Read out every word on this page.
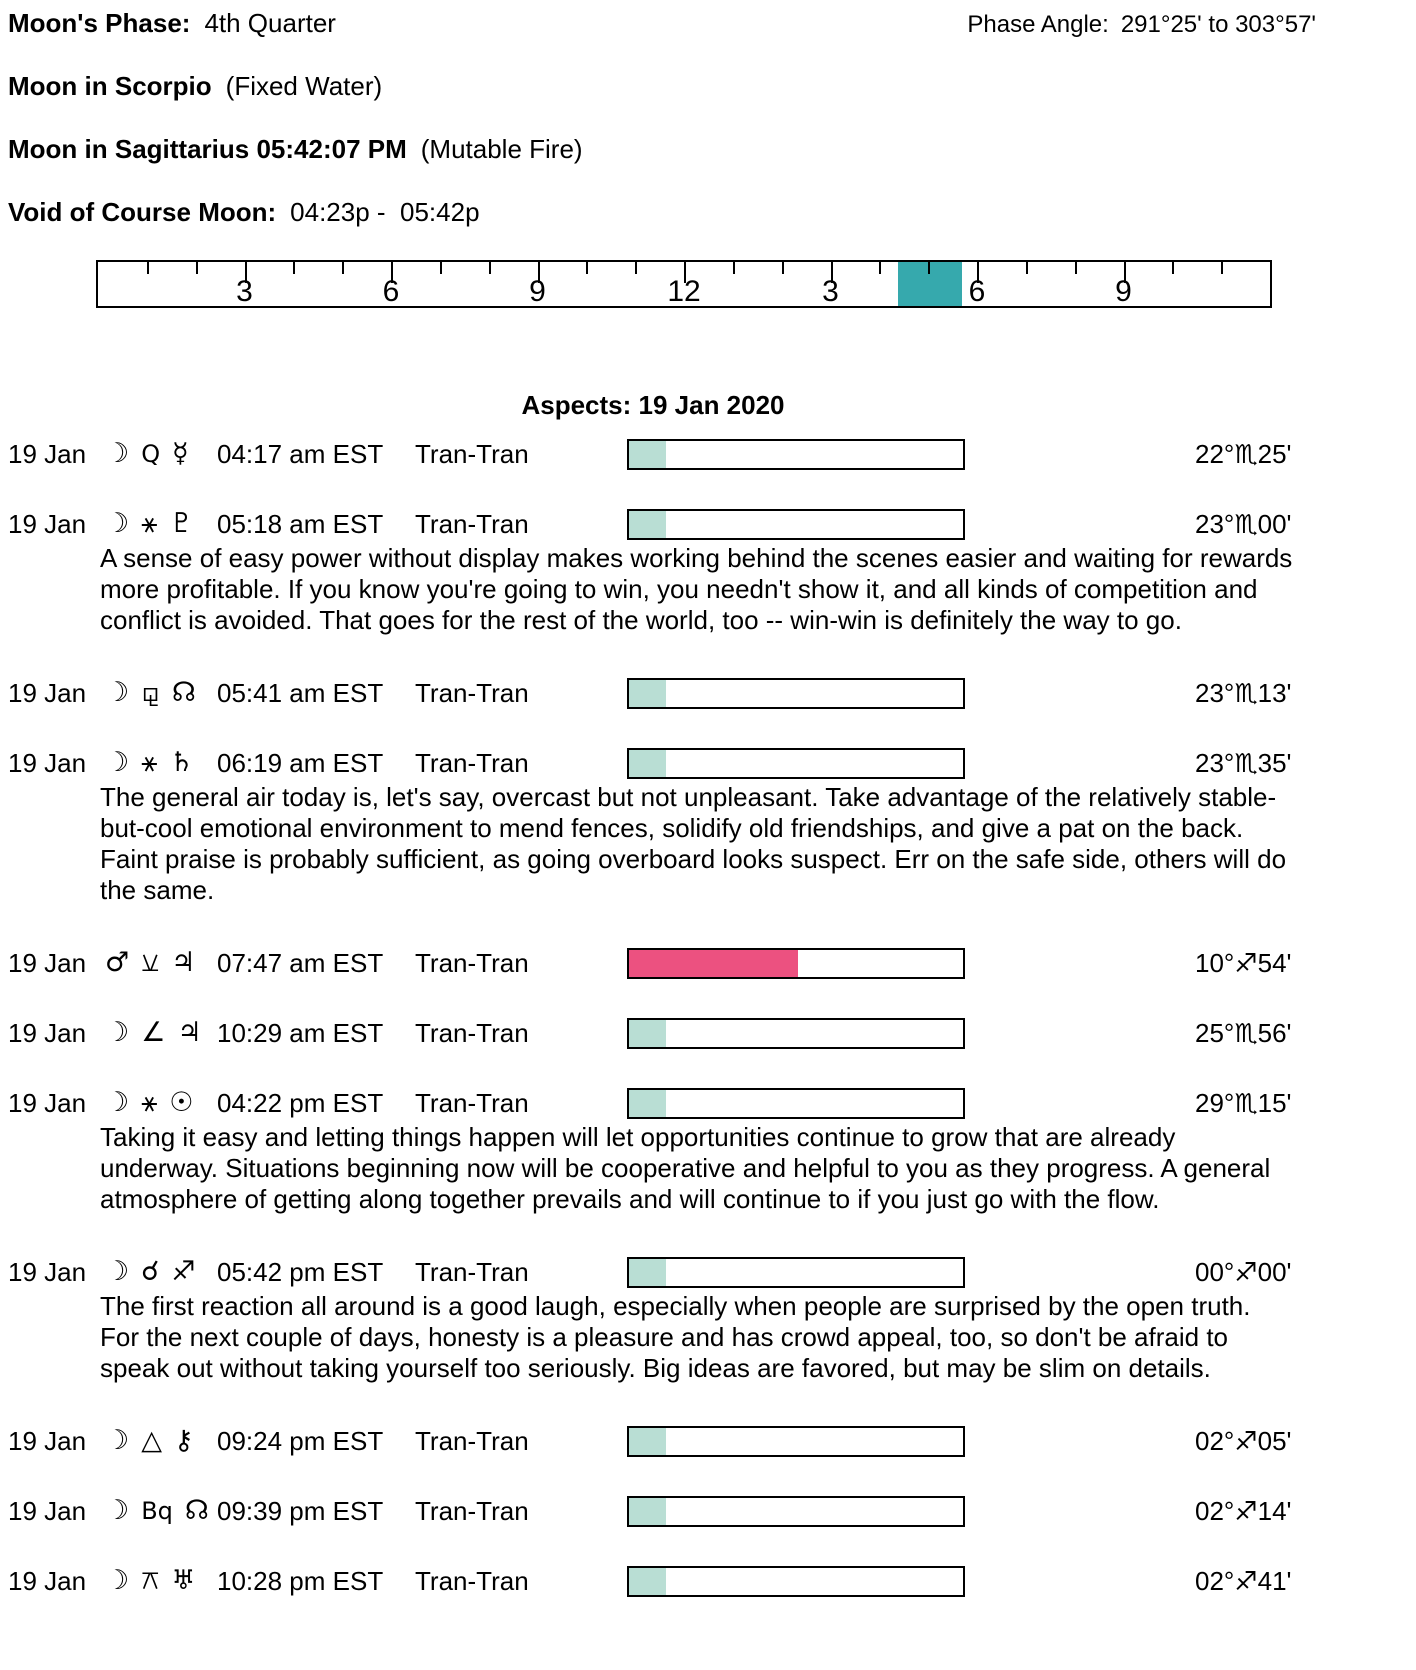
Moon's Phase: 4th Quarter	Phase Angle: 291°25' to 303°57'
Moon in Scorpio (Fixed Water)
Moon in Sagittarius 05:42:07 PM (Mutable Fire)
Void of Course Moon: 04:23p -  05:42p
3	6	9	12	3	6	9
Aspects: 19 Jan 2020
19 Jan ☽ Q ☿ 04:17 am EST	Tran-Tran	22°♏25'
19 Jan ☽ ⚹ ♇ 05:18 am EST	Tran-Tran	23°♏00'
A sense of easy power without display makes working behind the scenes easier and waiting for rewards more profitable. If you know you're going to win, you needn't show it, and all kinds of competition and conflict is avoided. That goes for the rest of the world, too -- win-win is definitely the way to go.
19 Jan ☽ ⚼ ☊ 05:41 am EST	Tran-Tran	23°♏13'
19 Jan ☽ ⚹ ♄ 06:19 am EST	Tran-Tran	23°♏35'
The general air today is, let's say, overcast but not unpleasant. Take advantage of the relatively stable-but-cool emotional environment to mend fences, solidify old friendships, and give a pat on the back. Faint praise is probably sufficient, as going overboard looks suspect. Err on the safe side, others will do the same.
19 Jan ♂ ⚺ ♃ 07:47 am EST	Tran-Tran	10°♐54'
19 Jan ☽ ∠ ♃ 10:29 am EST	Tran-Tran	25°♏56'
19 Jan ☽ ⚹ ☉ 04:22 pm EST	Tran-Tran	29°♏15'
Taking it easy and letting things happen will let opportunities continue to grow that are already underway. Situations beginning now will be cooperative and helpful to you as they progress. A general atmosphere of getting along together prevails and will continue to if you just go with the flow.
19 Jan ☽ ☌ ♐ 05:42 pm EST	Tran-Tran	00°♐00'
The first reaction all around is a good laugh, especially when people are surprised by the open truth. For the next couple of days, honesty is a pleasure and has crowd appeal, too, so don't be afraid to speak out without taking yourself too seriously. Big ideas are favored, but may be slim on details.
19 Jan ☽ △ ⚷ 09:24 pm EST	Tran-Tran	02°♐05'
19 Jan ☽ Bq ☊ 09:39 pm EST	Tran-Tran	02°♐14'
19 Jan ☽ ⚻ ♅ 10:28 pm EST	Tran-Tran	02°♐41'
